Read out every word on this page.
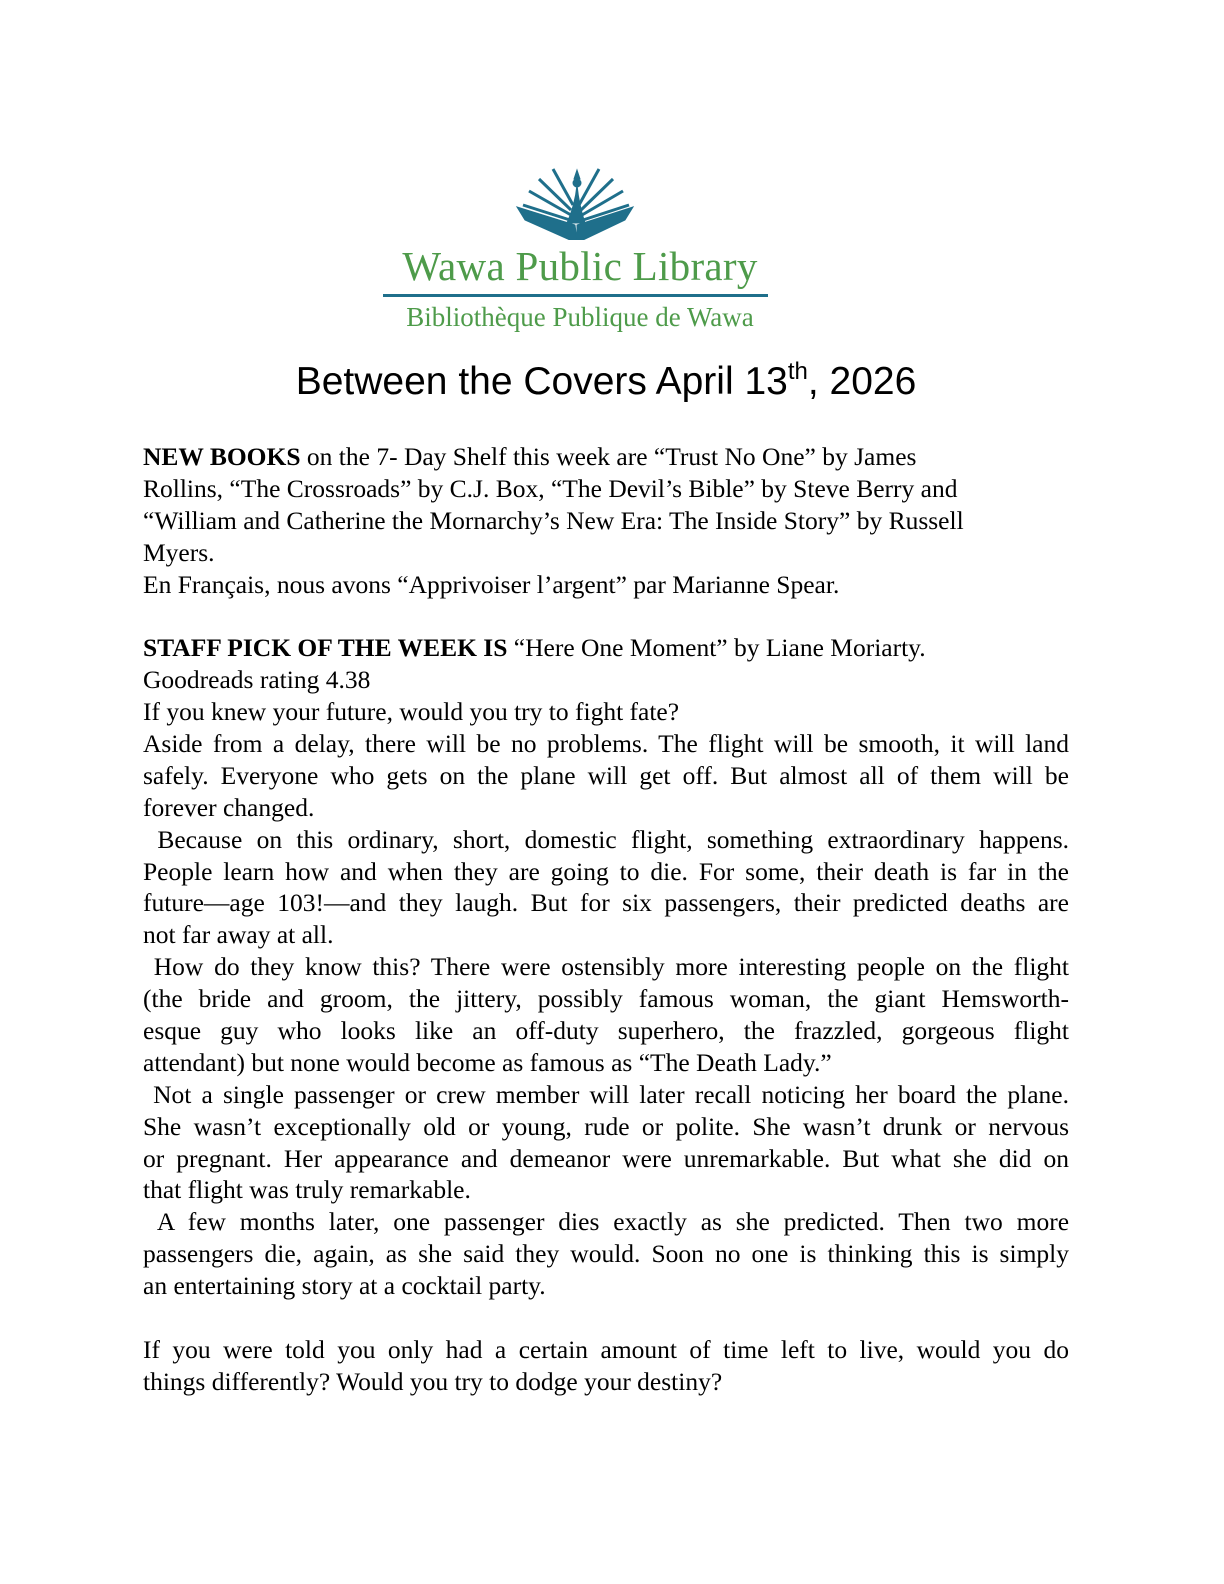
Wawa Public Library
Bibliothèque Publique de Wawa
Between the Covers April 13th, 2026
NEW BOOKS on the 7- Day Shelf this week are “Trust No One” by James
Rollins, “The Crossroads” by C.J. Box, “The Devil’s Bible” by Steve Berry and
“William and Catherine the Mornarchy’s New Era: The Inside Story” by Russell
Myers.
En Français, nous avons “Apprivoiser l’argent” par Marianne Spear.
STAFF PICK OF THE WEEK IS “Here One Moment” by Liane Moriarty.
Goodreads rating 4.38
If you knew your future, would you try to fight fate?
Aside from a delay, there will be no problems. The flight will be smooth, it will land
safely. Everyone who gets on the plane will get off. But almost all of them will be
forever changed.
Because on this ordinary, short, domestic flight, something extraordinary happens.
People learn how and when they are going to die. For some, their death is far in the
future—age 103!—and they laugh. But for six passengers, their predicted deaths are
not far away at all.
How do they know this? There were ostensibly more interesting people on the flight
(the bride and groom, the jittery, possibly famous woman, the giant Hemsworth-
esque guy who looks like an off-duty superhero, the frazzled, gorgeous flight
attendant) but none would become as famous as “The Death Lady.”
Not a single passenger or crew member will later recall noticing her board the plane.
She wasn’t exceptionally old or young, rude or polite. She wasn’t drunk or nervous
or pregnant. Her appearance and demeanor were unremarkable. But what she did on
that flight was truly remarkable.
A few months later, one passenger dies exactly as she predicted. Then two more
passengers die, again, as she said they would. Soon no one is thinking this is simply
an entertaining story at a cocktail party.
If you were told you only had a certain amount of time left to live, would you do
things differently? Would you try to dodge your destiny?
